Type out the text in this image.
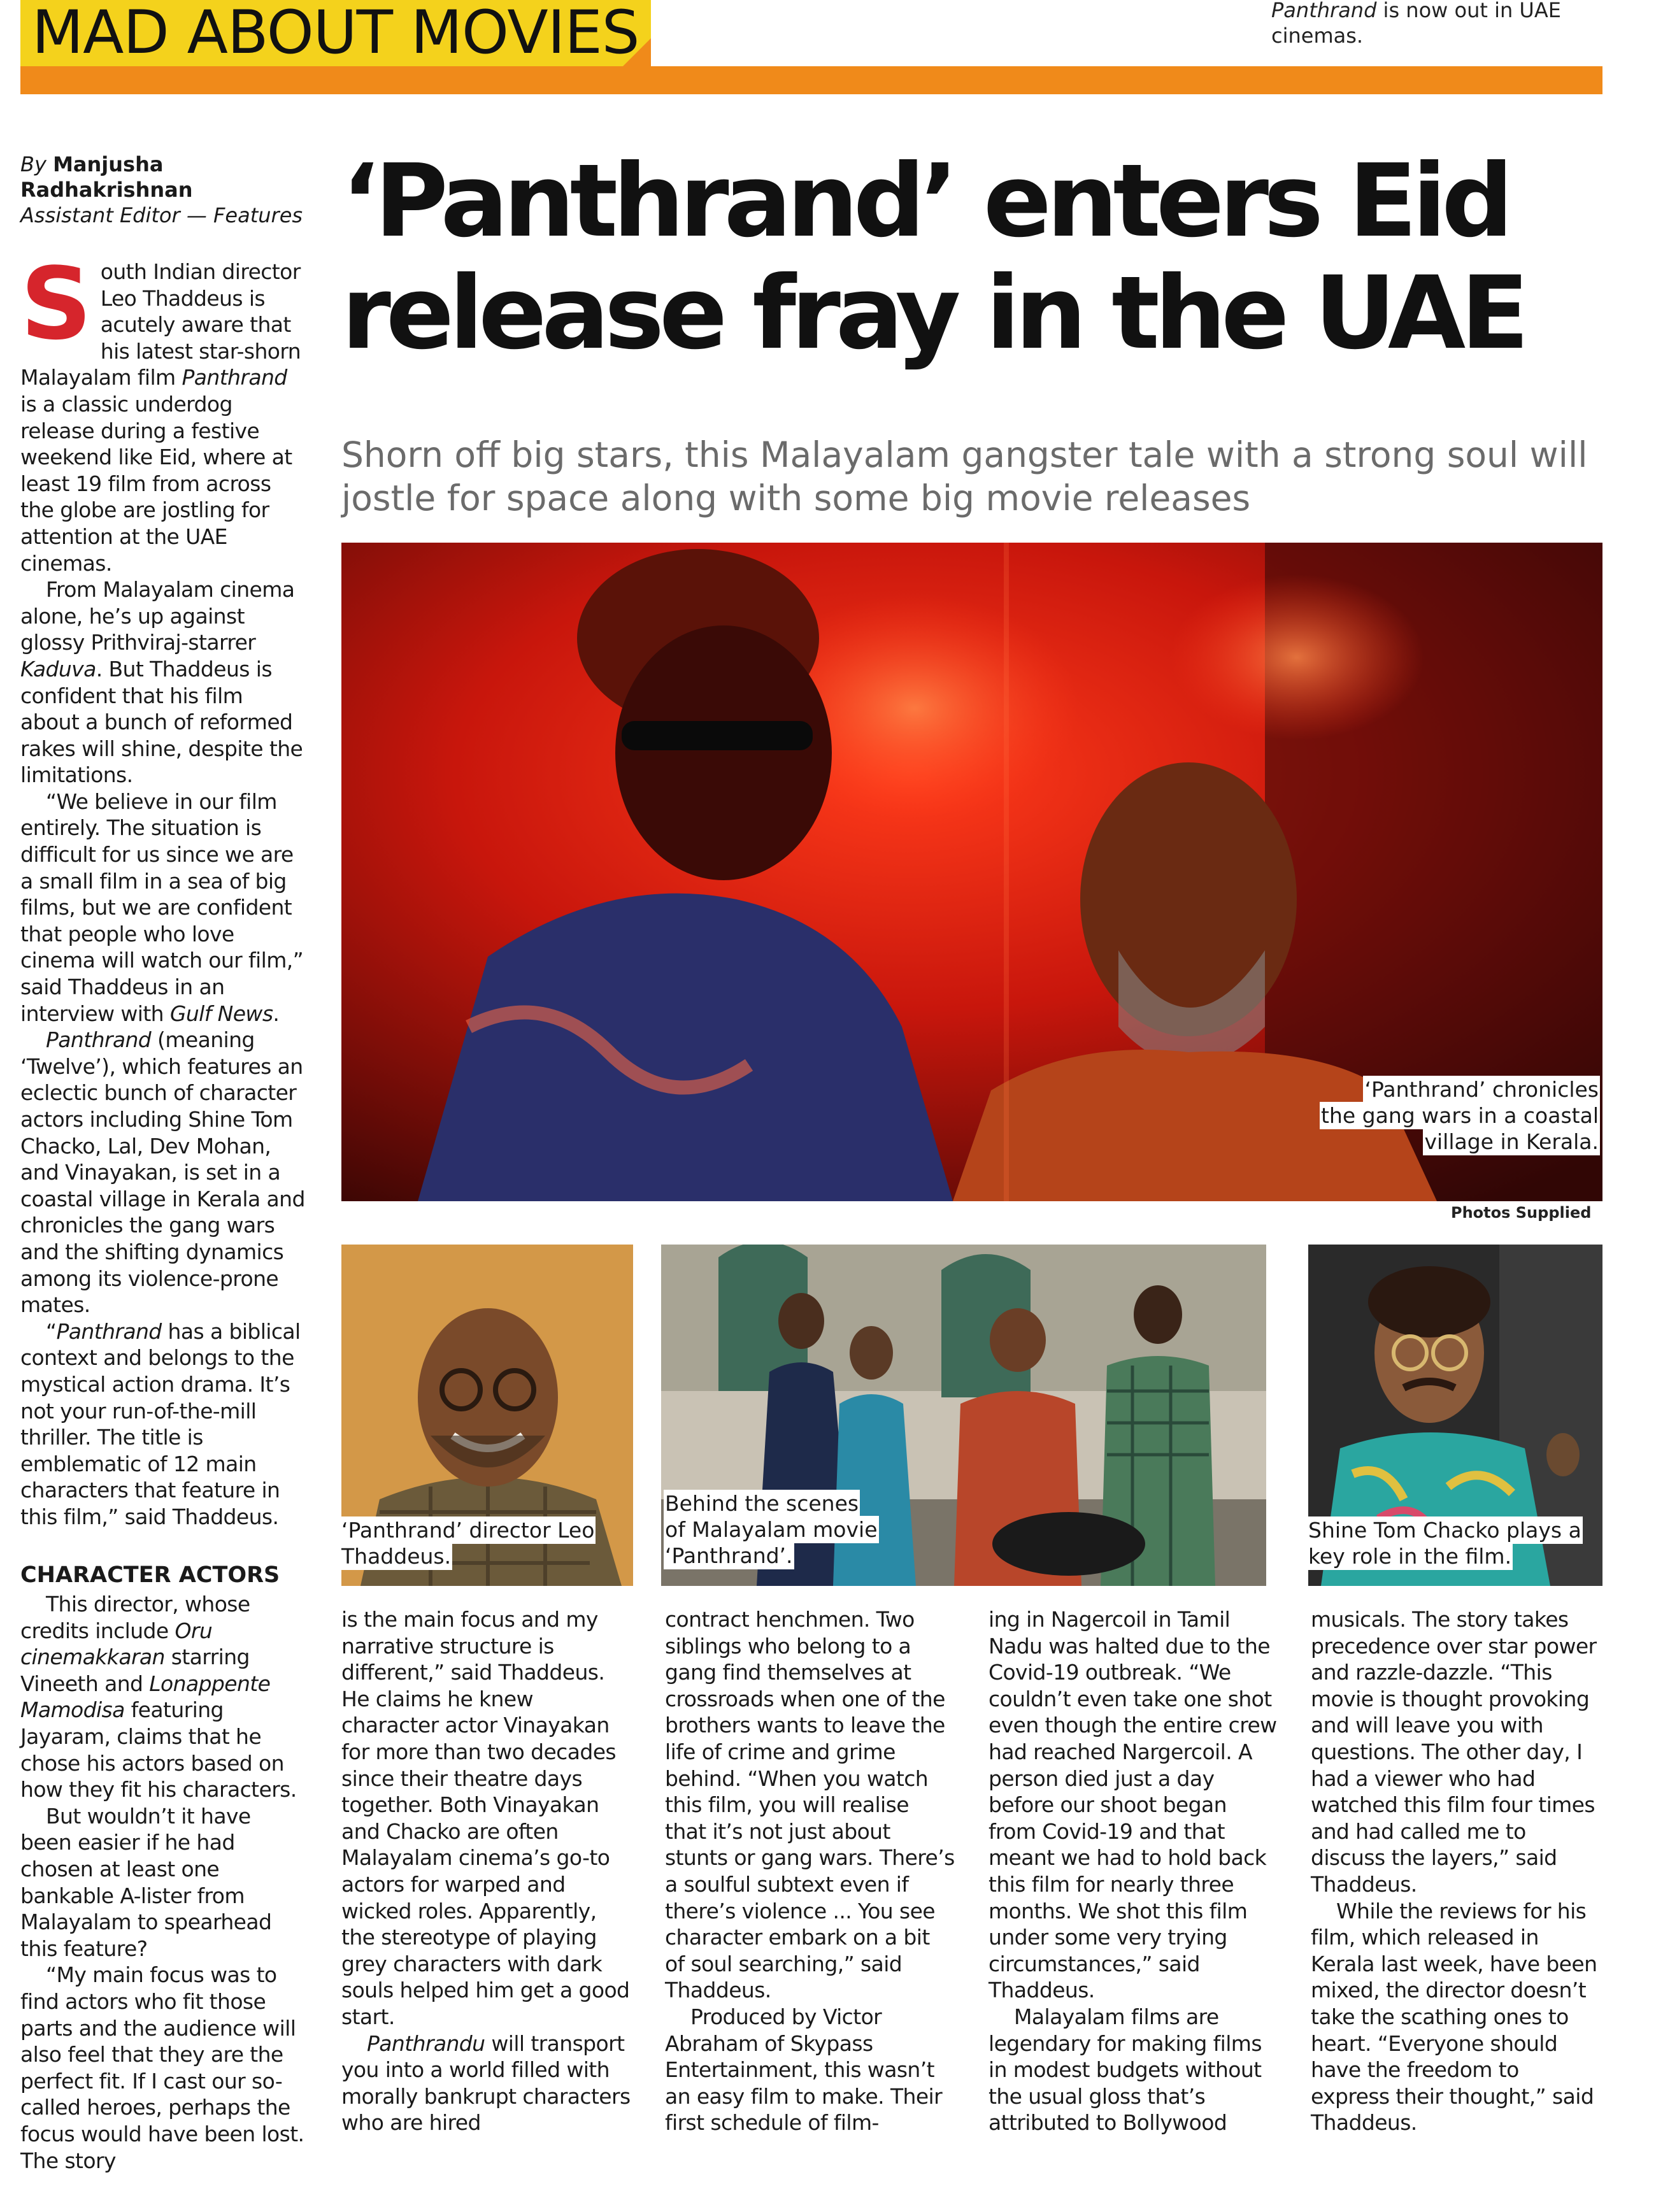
MAD ABOUT MOVIES	Panthrand is now out in UAE cinemas.
By Manjusha Radhakrishnan
Assistant Editor — Features ‘Panthrand’ enters Eid
release fray in the UAE
Shorn off big stars, this Malayalam gangster tale with a strong soul will jostle for space along with some big movie releases
‘Panthrand’ chronicles
the gang wars in a coastal
village in Kerala.
Photos Supplied
‘Panthrand’ director Leo
Thaddeus.
Behind the scenes
of Malayalam movie
‘Panthrand’.
Shine Tom Chacko plays a
key role in the film.

South Indian director Leo Thaddeus is acutely aware that his latest star-shorn Malayalam film Panthrand is a classic underdog release during a festive weekend like Eid, where at least 19 film from across the globe are jostling for attention at the UAE cinemas.

From Malayalam cinema alone, he’s up against glossy Prithviraj-starrer Kaduva. But Thaddeus is confident that his film about a bunch of reformed rakes will shine, despite the limitations.

“We believe in our film entirely. The situation is difficult for us since we are a small film in a sea of big films, but we are confident that people who love cinema will watch our film,” said Thaddeus in an interview with Gulf News.

Panthrand (meaning ‘Twelve’), which features an eclectic bunch of character actors including Shine Tom Chacko, Lal, Dev Mohan, and Vinayakan, is set in a coastal village in Kerala and chronicles the gang wars and the shifting dynamics among its violence-prone mates.

“Panthrand has a biblical context and belongs to the mystical action drama. It’s not your run-of-the-mill thriller. The title is emblematic of 12 main characters that feature in this film,” said Thaddeus.

CHARACTER ACTORS

This director, whose credits include Oru cinemakkaran starring Vineeth and Lonappente Mamodisa featuring Jayaram, claims that he chose his actors based on how they fit his characters.

But wouldn’t it have been easier if he had chosen at least one bankable A-lister from Malayalam to spearhead this feature?

“My main focus was to find actors who fit those parts and the audience will also feel that they are the perfect fit. If I cast our so-called heroes, perhaps the focus would have been lost. The story

is the main focus and my narrative structure is different,” said Thaddeus. He claims he knew character actor Vinayakan for more than two decades since their theatre days together. Both Vinayakan and Chacko are often Malayalam cinema’s go-to actors for warped and wicked roles. Apparently, the stereotype of playing grey characters with dark souls helped him get a good start.

Panthrandu will transport you into a world filled with morally bankrupt characters who are hired

contract henchmen. Two siblings who belong to a gang find themselves at crossroads when one of the brothers wants to leave the life of crime and grime behind. “When you watch this film, you will realise that it’s not just about stunts or gang wars. There’s a soulful subtext even if there’s violence ... You see character embark on a bit of soul searching,” said Thaddeus.

Produced by Victor Abraham of Skypass Entertainment, this wasn’t an easy film to make. Their first schedule of film-

ing in Nagercoil in Tamil Nadu was halted due to the Covid-19 outbreak. “We couldn’t even take one shot even though the entire crew had reached Nargercoil. A person died just a day before our shoot began from Covid-19 and that meant we had to hold back this film for nearly three months. We shot this film under some very trying circumstances,” said Thaddeus.

Malayalam films are legendary for making films in modest budgets without the usual gloss that’s attributed to Bollywood

musicals. The story takes precedence over star power and razzle-dazzle. “This movie is thought provoking and will leave you with questions. The other day, I had a viewer who had watched this film four times and had called me to discuss the layers,” said Thaddeus.

While the reviews for his film, which released in Kerala last week, have been mixed, the director doesn’t take the scathing ones to heart. “Everyone should have the freedom to express their thought,” said Thaddeus.
